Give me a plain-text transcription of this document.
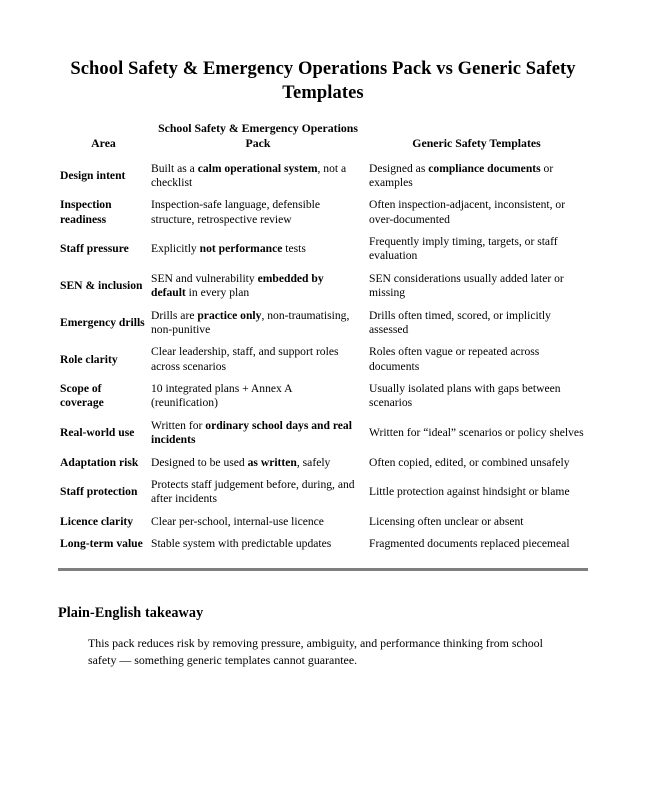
School Safety & Emergency Operations Pack vs Generic Safety Templates
Area	School Safety & Emergency Operations Pack	Generic Safety Templates
Design intent	Built as a calm operational system, not a checklist	Designed as compliance documents or examples
Inspection readiness	Inspection-safe language, defensible structure, retrospective review	Often inspection-adjacent, inconsistent, or over-documented
Staff pressure	Explicitly not performance tests	Frequently imply timing, targets, or staff evaluation
SEN & inclusion	SEN and vulnerability embedded by default in every plan	SEN considerations usually added later or missing
Emergency drills	Drills are practice only, non-traumatising, non-punitive	Drills often timed, scored, or implicitly assessed
Role clarity	Clear leadership, staff, and support roles across scenarios	Roles often vague or repeated across documents
Scope of coverage	10 integrated plans + Annex A (reunification)	Usually isolated plans with gaps between scenarios
Real-world use	Written for ordinary school days and real incidents	Written for “ideal” scenarios or policy shelves
Adaptation risk	Designed to be used as written, safely	Often copied, edited, or combined unsafely
Staff protection	Protects staff judgement before, during, and after incidents	Little protection against hindsight or blame
Licence clarity	Clear per-school, internal-use licence	Licensing often unclear or absent
Long-term value	Stable system with predictable updates	Fragmented documents replaced piecemeal
Plain-English takeaway

This pack reduces risk by removing pressure, ambiguity, and performance thinking from school safety — something generic templates cannot guarantee.
